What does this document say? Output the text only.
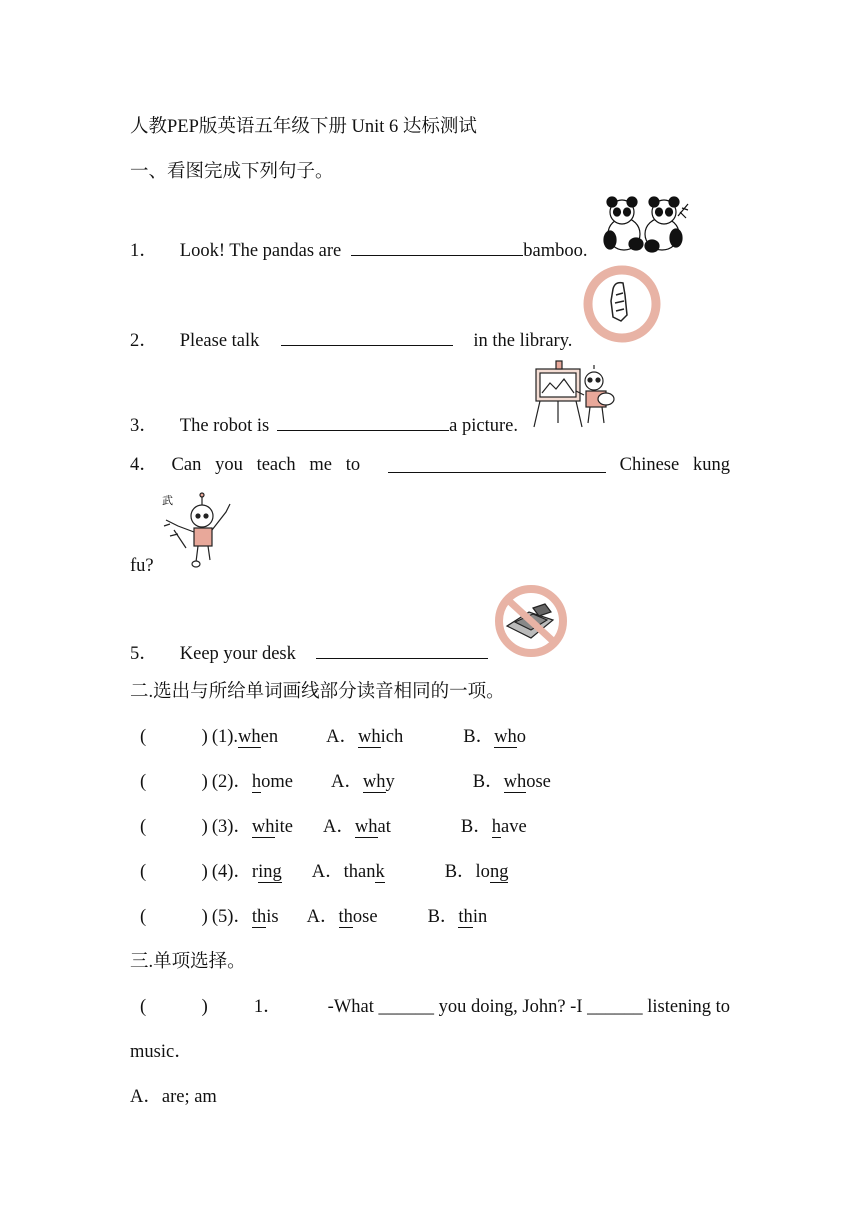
人教PEP版英语五年级下册 Unit 6 达标测试
一、看图完成下列句子。
1． Look! The pandas are	bamboo.
2． Please talk	in the library.
3． The robot is	a picture.
4． Can you teach me to	Chinese kung
武
fu?
5． Keep your desk
二.选出与所给单词画线部分读音相同的一项。
(　　　) (1).when	A．which	B．who
(　　　) (2)．home A．why	B．whose
(　　　) (3)．white A．what	B．have
(　　　) (4)．ring A．thank	B．long
(　　　) (5)．this A．those	B．thin
三.单项选择。
(　　　) 1． -What ______ you doing, John? -I ______ listening to
music．
A．are; am
